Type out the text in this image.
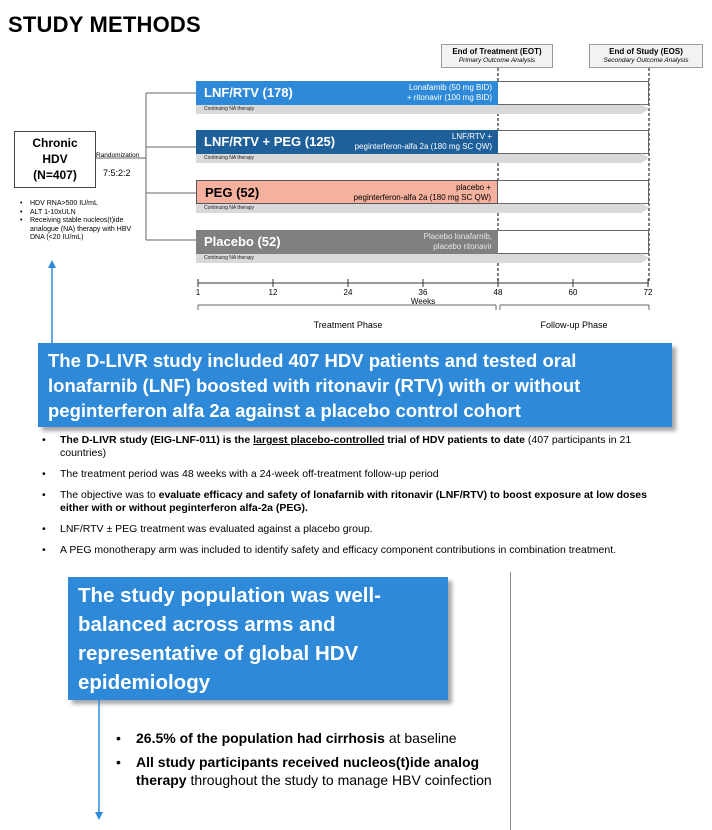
STUDY METHODS
Chronic
HDV
(N=407)
• HDV RNA>500 IU/mL
• ALT 1-10xULN
• Receiving stable nucleos(t)ide analogue (NA) therapy with HBV DNA (<20 IU/mL)
Randomization
7:5:2:2
End of Treatment (EOT)
Primary Outcome Analysis
End of Study (EOS)
Secondary Outcome Analysis
LNF/RTV (178)	Lonafarnib (50 mg BID)
+ ritonavir (100 mg BID)
Continuing NA therapy
LNF/RTV + PEG (125)	LNF/RTV +
peginterferon-alfa 2a (180 mg SC QW)
Continuing NA therapy
PEG (52)	placebo +
peginterferon-alfa 2a (180 mg SC QW)
Continuing NA therapy
Placebo (52)	Placebo lonafarnib,
placebo ritonavir
Continuing NA therapy
1	12	24	36	48	60	72
Weeks
Treatment Phase	Follow-up Phase
The D-LIVR study included 407 HDV patients and tested oral lonafarnib (LNF) boosted with ritonavir (RTV) with or without peginterferon alfa 2a against a placebo control cohort
• The D-LIVR study (EIG-LNF-011) is the largest placebo-controlled trial of HDV patients to date (407 participants in 21 countries)
• The treatment period was 48 weeks with a 24-week off-treatment follow-up period
• The objective was to evaluate efficacy and safety of lonafarnib with ritonavir (LNF/RTV) to boost exposure at low doses either with or without peginterferon alfa-2a (PEG).
• LNF/RTV ± PEG treatment was evaluated against a placebo group.
• A PEG monotherapy arm was included to identify safety and efficacy component contributions in combination treatment.
The study population was well-balanced across arms and representative of global HDV epidemiology
• 26.5% of the population had cirrhosis at baseline
• All study participants received nucleos(t)ide analog therapy throughout the study to manage HBV coinfection
